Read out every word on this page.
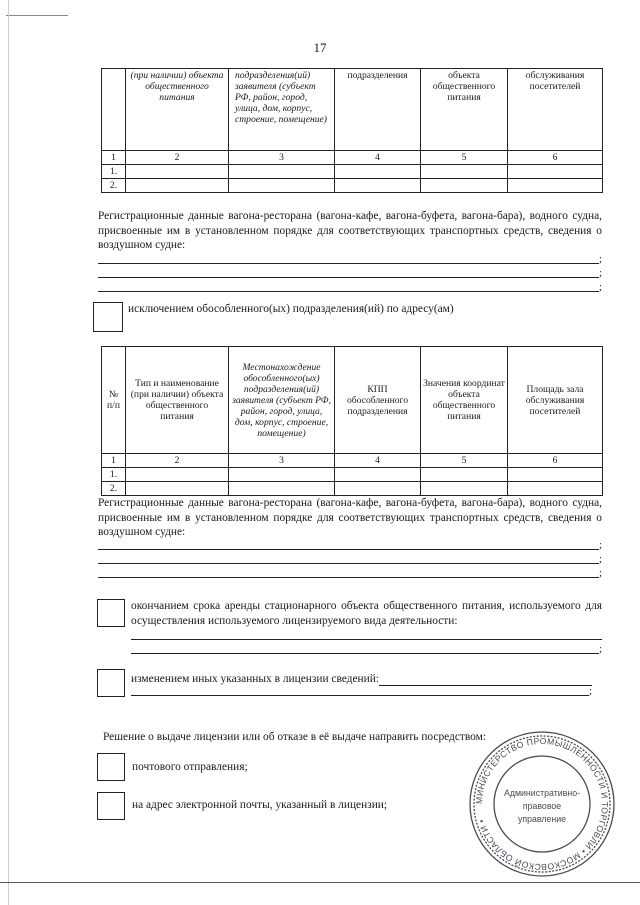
17
	(при наличии) объекта общественного питания	подразделения(ий) заявителя (субъект РФ, район, город, улица, дом, корпус, строение, помещение)	подразделения	объекта общественного питания	обслуживания посетителей
1	2	3	4	5	6
1.					
2.					
Регистрационные данные вагона-ресторана (вагона-кафе, вагона-буфета, вагона-бара), водного судна, присвоенные им в установленном порядке для соответствующих транспортных средств, сведения о воздушном судне:
;
;
;
исключением обособленного(ых) подразделения(ий) по адресу(ам)
№ п/п	Тип и наименование (при наличии) объекта общественного питания	Местонахождение обособленного(ых) подразделения(ий) заявителя (субъект РФ, район, город, улица, дом, корпус, строение, помещение)	КПП обособленного подразделения	Значения координат объекта общественного питания	Площадь зала обслуживания посетителей
1	2	3	4	5	6
1.					
2.					
Регистрационные данные вагона-ресторана (вагона-кафе, вагона-буфета, вагона-бара), водного судна, присвоенные им в установленном порядке для соответствующих транспортных средств, сведения о воздушном судне:
;
;
;
окончанием срока аренды стационарного объекта общественного питания, используемого для осуществления используемого лицензируемого вида деятельности:
;
изменением иных указанных в лицензии сведений:
;
Решение о выдаче лицензии или об отказе в её выдаче направить посредством:
почтового отправления;
на адрес электронной почты, указанный в лицензии;	МИНИСТЕРСТВО ПРОМЫШЛЕННОСТИ И ТОРГОВЛИ • МОСКОВСКОЙ ОБЛАСТИ •
Административно-
правовое
управление
